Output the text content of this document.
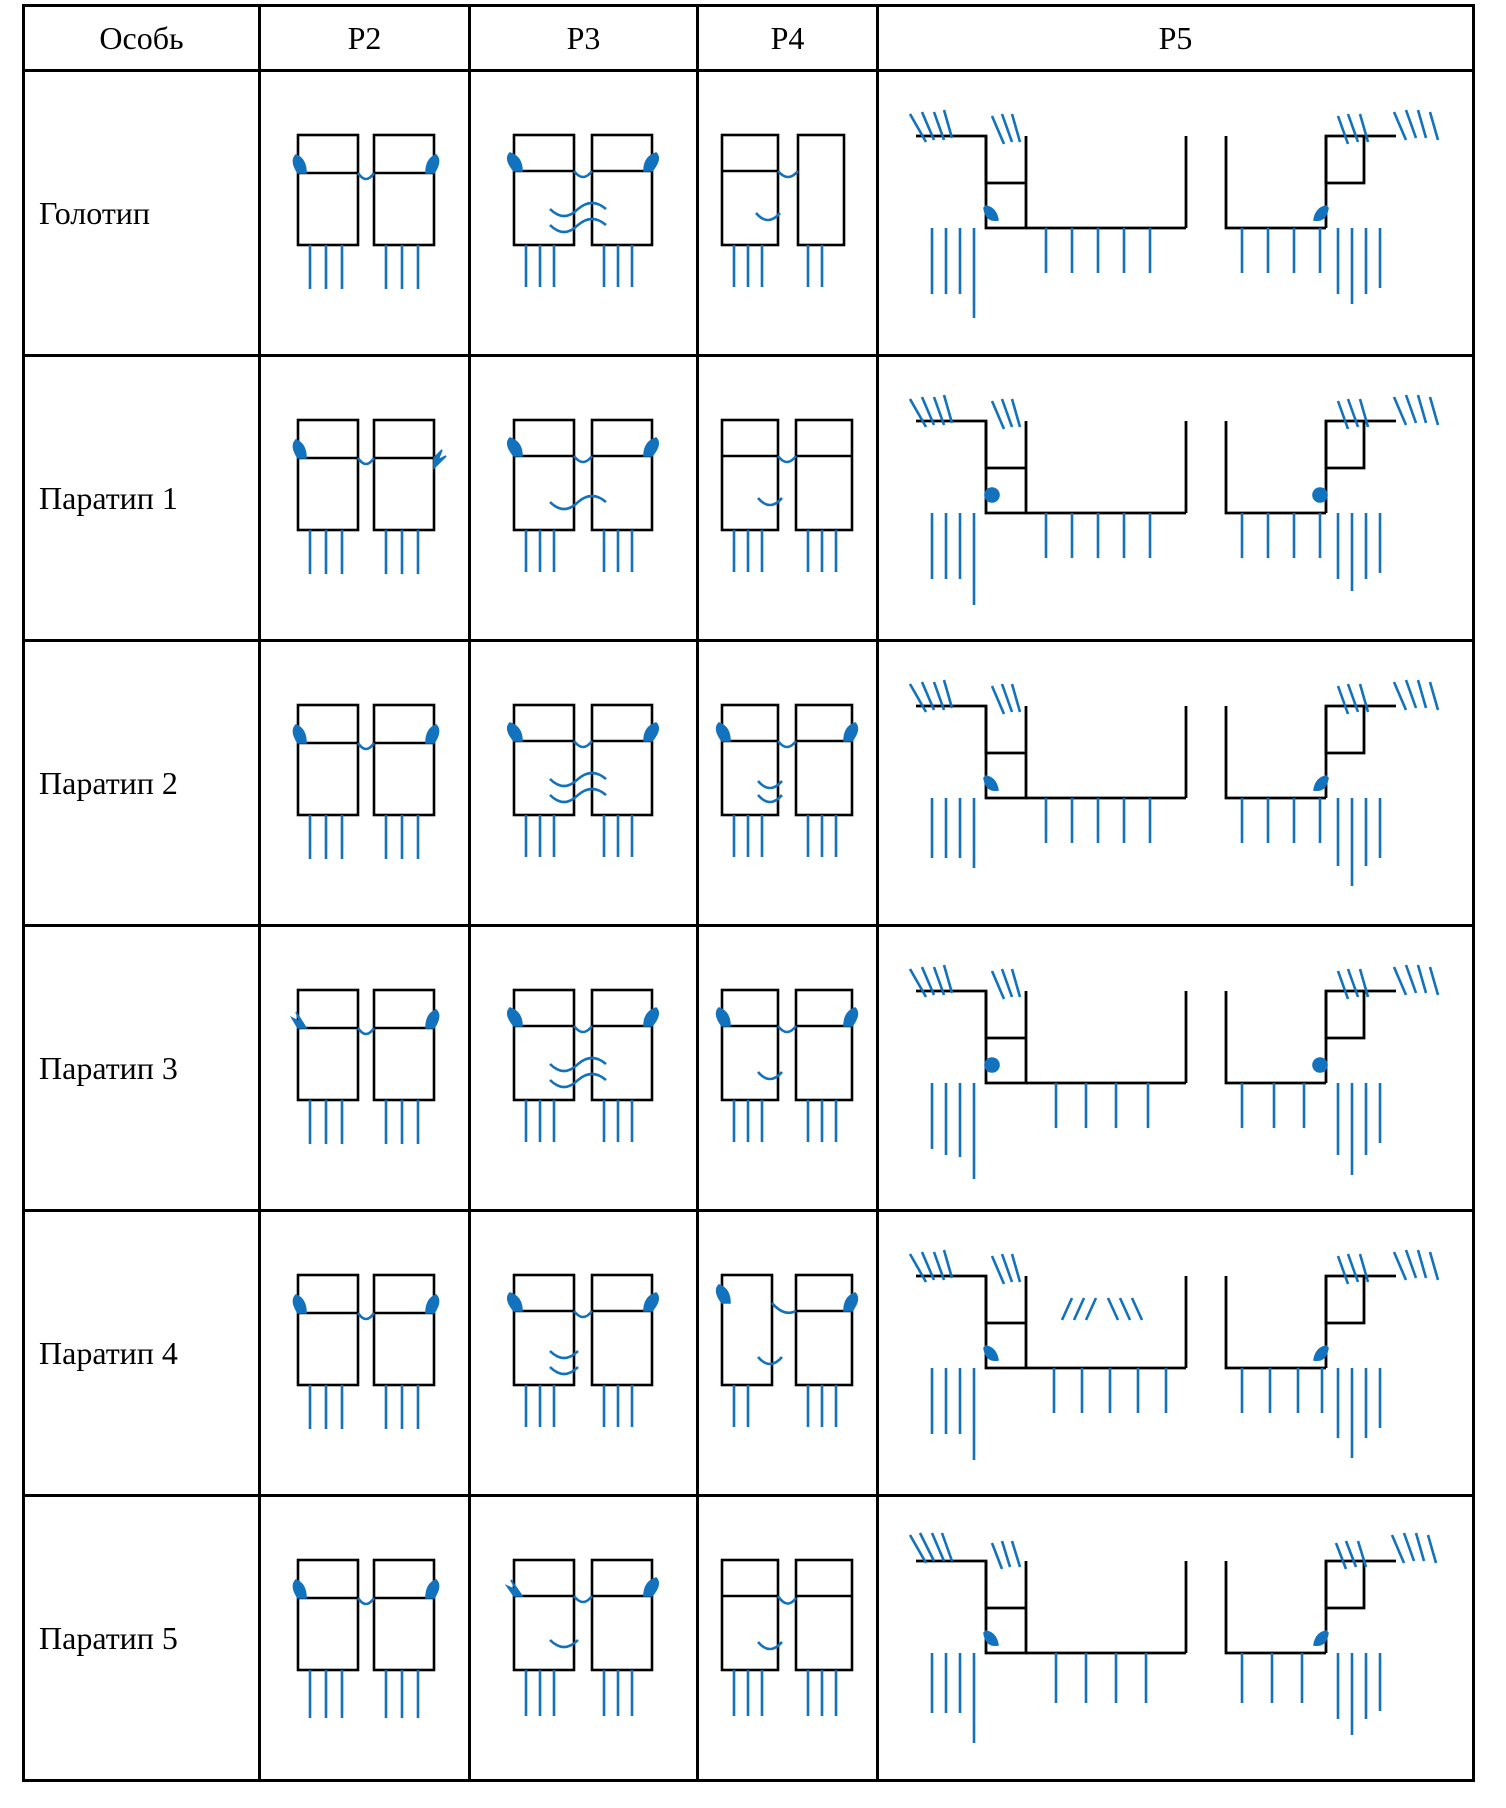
Особь	P2	P3	P4	P5
Голотип	

Паратип 1	

Паратип 2	

Паратип 3	

Паратип 4	

Паратип 5	
